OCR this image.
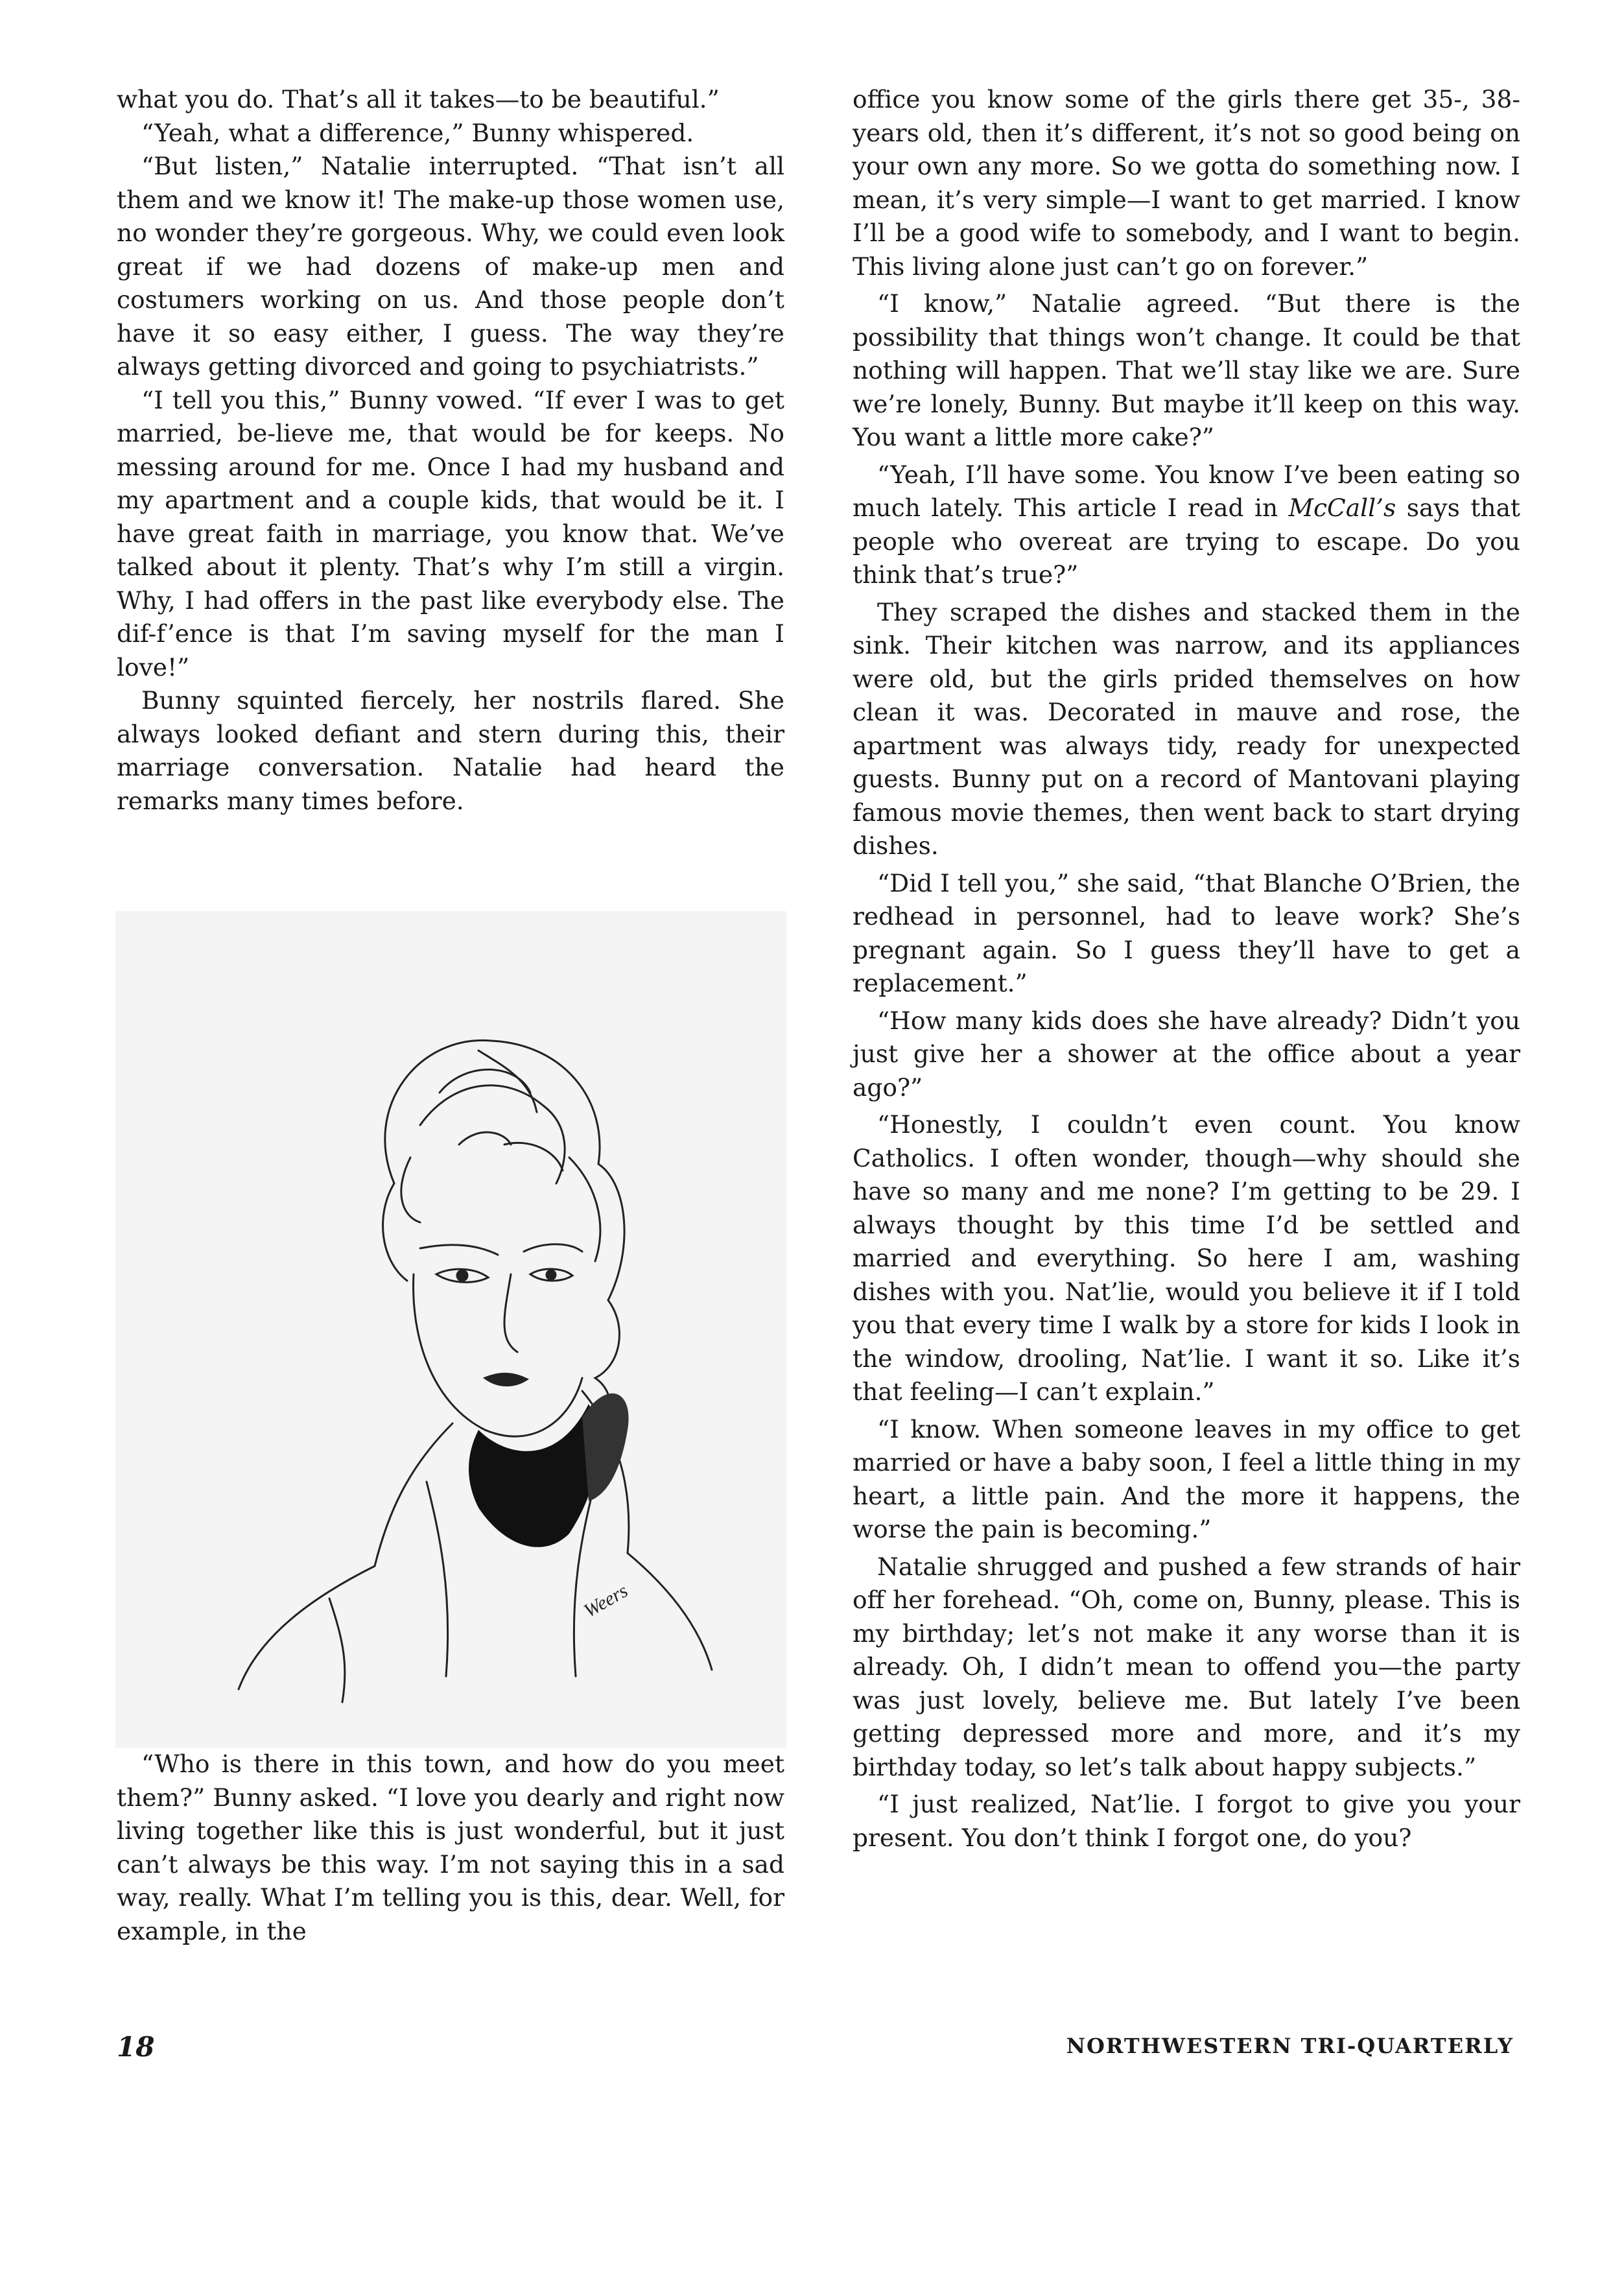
what you do. That’s all it takes—to be beautiful.”

“Yeah, what a difference,” Bunny whispered.

“But listen,” Natalie interrupted. “That isn’t all them and we know it! The make-up those women use, no wonder they’re gorgeous. Why, we could even look great if we had dozens of make-up men and costumers working on us. And those people don’t have it so easy either, I guess. The way they’re always getting divorced and going to psychiatrists.”

“I tell you this,” Bunny vowed. “If ever I was to get married, be-lieve me, that would be for keeps. No messing around for me. Once I had my husband and my apartment and a couple kids, that would be it. I have great faith in marriage, you know that. We’ve talked about it plenty. That’s why I’m still a virgin. Why, I had offers in the past like everybody else. The dif-f’ence is that I’m saving myself for the man I love!”

Bunny squinted fiercely, her nostrils flared. She always looked defiant and stern during this, their marriage conversation. Natalie had heard the remarks many times before.

Weers

“Who is there in this town, and how do you meet them?” Bunny asked. “I love you dearly and right now living together like this is just wonderful, but it just can’t always be this way. I’m not saying this in a sad way, really. What I’m telling you is this, dear. Well, for example, in the

office you know some of the girls there get 35-, 38-years old, then it’s different, it’s not so good being on your own any more. So we gotta do something now. I mean, it’s very simple—I want to get married. I know I’ll be a good wife to somebody, and I want to begin. This living alone just can’t go on forever.”

“I know,” Natalie agreed. “But there is the possibility that things won’t change. It could be that nothing will happen. That we’ll stay like we are. Sure we’re lonely, Bunny. But maybe it’ll keep on this way. You want a little more cake?”

“Yeah, I’ll have some. You know I’ve been eating so much lately. This article I read in McCall’s says that people who overeat are trying to escape. Do you think that’s true?”

They scraped the dishes and stacked them in the sink. Their kitchen was narrow, and its appliances were old, but the girls prided themselves on how clean it was. Decorated in mauve and rose, the apartment was always tidy, ready for unexpected guests. Bunny put on a record of Mantovani playing famous movie themes, then went back to start drying dishes.

“Did I tell you,” she said, “that Blanche O’Brien, the redhead in personnel, had to leave work? She’s pregnant again. So I guess they’ll have to get a replacement.”

“How many kids does she have already? Didn’t you just give her a shower at the office about a year ago?”

“Honestly, I couldn’t even count. You know Catholics. I often wonder, though—why should she have so many and me none? I’m getting to be 29. I always thought by this time I’d be settled and married and everything. So here I am, washing dishes with you. Nat’lie, would you believe it if I told you that every time I walk by a store for kids I look in the window, drooling, Nat’lie. I want it so. Like it’s that feeling—I can’t explain.”

“I know. When someone leaves in my office to get married or have a baby soon, I feel a little thing in my heart, a little pain. And the more it happens, the worse the pain is becoming.”

Natalie shrugged and pushed a few strands of hair off her forehead. “Oh, come on, Bunny, please. This is my birthday; let’s not make it any worse than it is already. Oh, I didn’t mean to offend you—the party was just lovely, believe me. But lately I’ve been getting depressed more and more, and it’s my birthday today, so let’s talk about happy subjects.”

“I just realized, Nat’lie. I forgot to give you your present. You don’t think I forgot one, do you?

18	NORTHWESTERN TRI-QUARTERLY
